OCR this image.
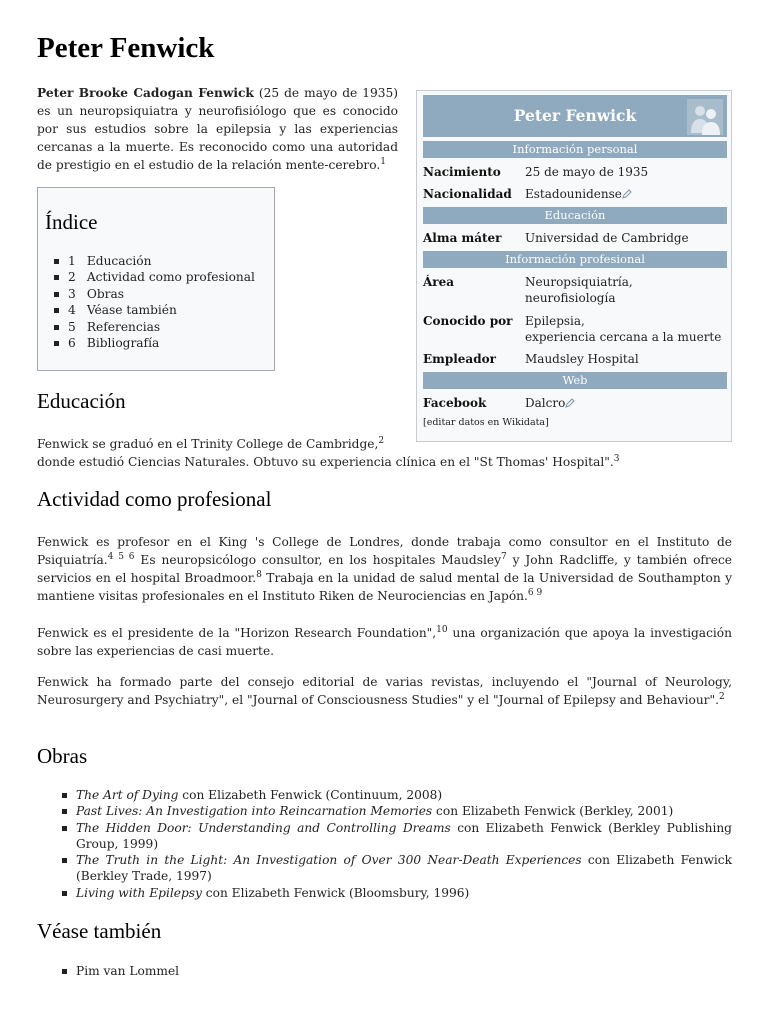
Peter Fenwick

Peter Brooke Cadogan Fenwick (25 de mayo de 1935) es un neuropsiquiatra y neurofisiólogo que es conocido por sus estudios sobre la epilepsia y las experiencias cercanas a la muerte. Es reconocido como una autoridad de prestigio en el estudio de la relación mente-cerebro.$^1$

Índice
1 Educación
2 Actividad como profesional
3 Obras
4 Véase también
5 Referencias
6 Bibliografía
Peter Fenwick
Información personal
Nacimiento 25 de mayo de 1935
Nacionalidad Estadounidense
Educación
Alma máter Universidad de Cambridge
Información profesional
Área	Neuropsiquiatría,
neurofisiología
Conocido por Epilepsia,
experiencia cercana a la muerte
Empleador Maudsley Hospital
Web
Facebook	Dalcro
[editar datos en Wikidata]
Educación

Fenwick se graduó en el Trinity College de Cambridge,$^2$

donde estudió Ciencias Naturales. Obtuvo su experiencia clínica en el "St Thomas' Hospital".$^3$

Actividad como profesional

Fenwick es profesor en el King 's College de Londres, donde trabaja como consultor en el Instituto de Psiquiatría.$^{4 5 6}$ Es neuropsicólogo consultor, en los hospitales Maudsley$^7$ y John Radcliffe, y también ofrece servicios en el hospital Broadmoor.$^8$ Trabaja en la unidad de salud mental de la Universidad de Southampton y mantiene visitas profesionales en el Instituto Riken de Neurociencias en Japón.$^{6 9}$

Fenwick es el presidente de la "Horizon Research Foundation",$^{10}$ una organización que apoya la investigación sobre las experiencias de casi muerte.

Fenwick ha formado parte del consejo editorial de varias revistas, incluyendo el "Journal of Neurology, Neurosurgery and Psychiatry", el "Journal of Consciousness Studies" y el "Journal of Epilepsy and Behaviour".$^2$

Obras
The Art of Dying con Elizabeth Fenwick (Continuum, 2008)
Past Lives: An Investigation into Reincarnation Memories con Elizabeth Fenwick (Berkley, 2001)
The Hidden Door: Understanding and Controlling Dreams con Elizabeth Fenwick (Berkley Publishing Group, 1999)
The Truth in the Light: An Investigation of Over 300 Near-Death Experiences con Elizabeth Fenwick (Berkley Trade, 1997)
Living with Epilepsy con Elizabeth Fenwick (Bloomsbury, 1996)
Véase también
Pim van Lommel
